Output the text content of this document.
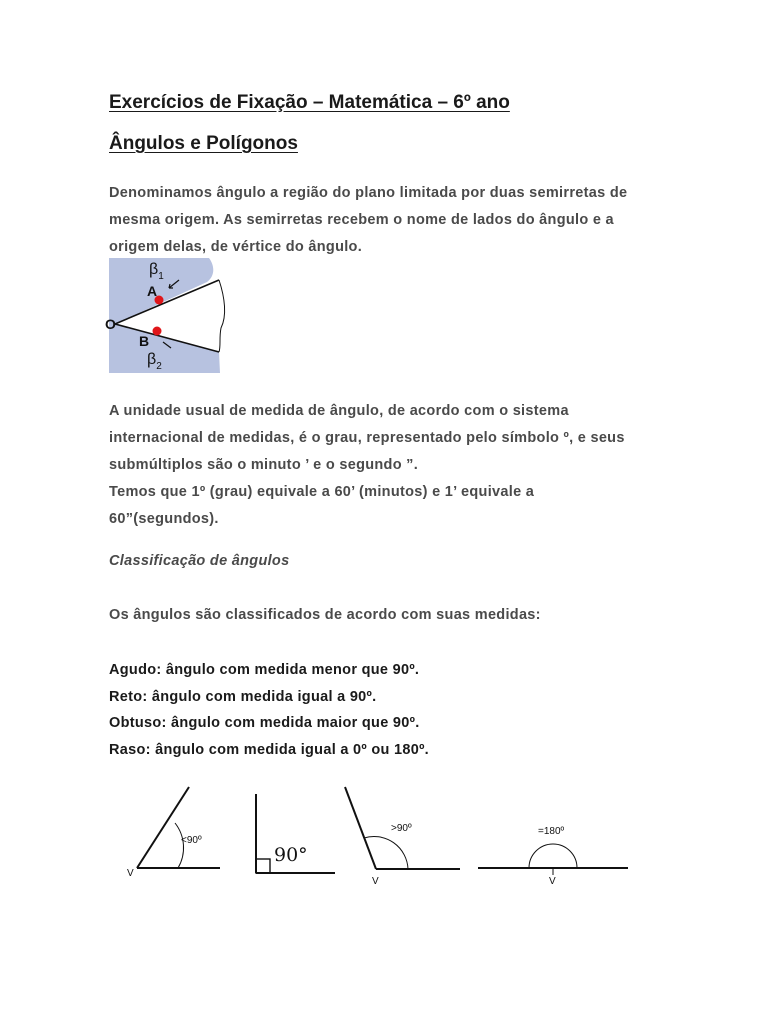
Exercícios de Fixação – Matemática – 6º ano
Ângulos e Polígonos

Denominamos ângulo a região do plano limitada por duas semirretas de
mesma origem. As semirretas recebem o nome de lados do ângulo e a
origem delas, de vértice do ângulo.

A
B
O
$\beta_1$
$\beta_2$

A unidade usual de medida de ângulo, de acordo com o sistema
internacional de medidas, é o grau, representado pelo símbolo º, e seus
submúltiplos são o minuto ’ e o segundo ”.
Temos que 1º (grau) equivale a 60’ (minutos) e 1’ equivale a
60”(segundos).

Classificação de ângulos

Os ângulos são classificados de acordo com suas medidas:

Agudo: ângulo com medida menor que 90º.
Reto: ângulo com medida igual a 90º.
Obtuso: ângulo com medida maior que 90º.
Raso: ângulo com medida igual a 0º ou 180º.
<90º
V
90°
>90º
V
=180º
V
